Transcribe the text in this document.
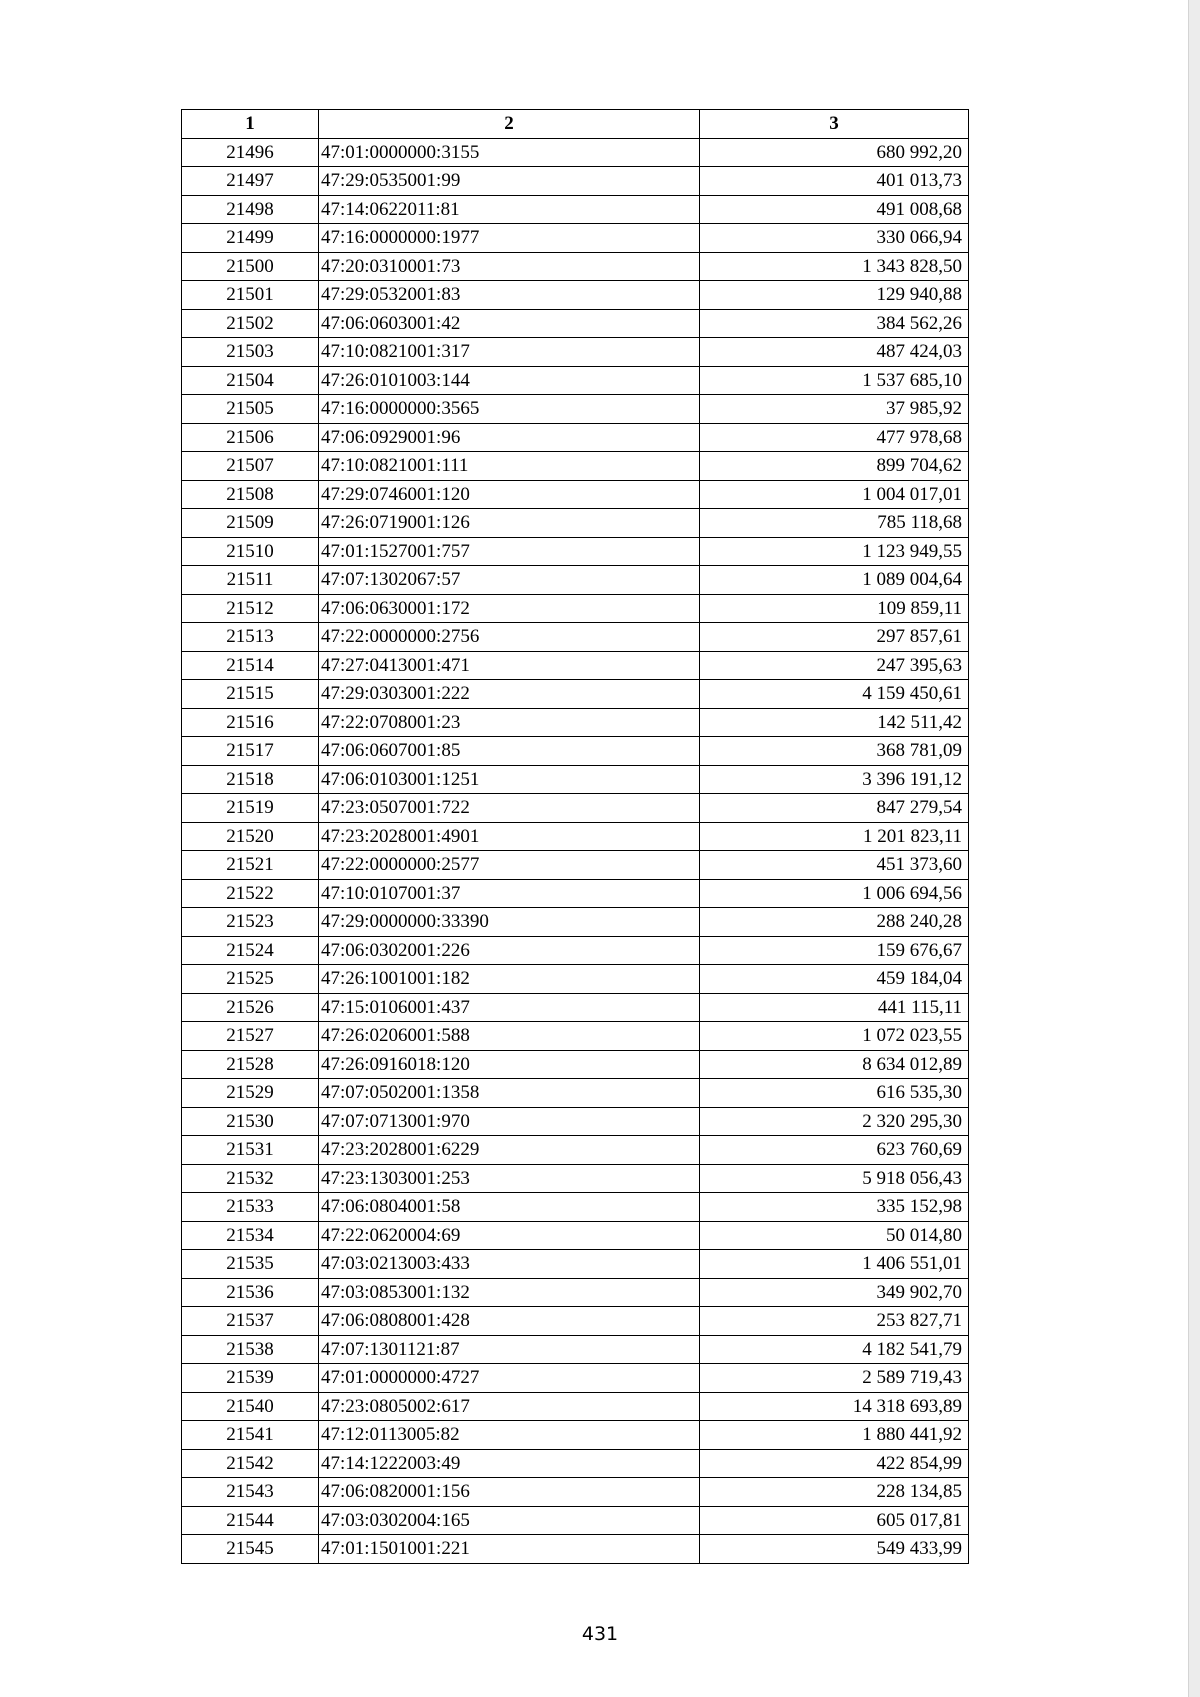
1	2	3
21496	47:01:0000000:3155	680 992,20
21497	47:29:0535001:99	401 013,73
21498	47:14:0622011:81	491 008,68
21499	47:16:0000000:1977	330 066,94
21500	47:20:0310001:73	1 343 828,50
21501	47:29:0532001:83	129 940,88
21502	47:06:0603001:42	384 562,26
21503	47:10:0821001:317	487 424,03
21504	47:26:0101003:144	1 537 685,10
21505	47:16:0000000:3565	37 985,92
21506	47:06:0929001:96	477 978,68
21507	47:10:0821001:111	899 704,62
21508	47:29:0746001:120	1 004 017,01
21509	47:26:0719001:126	785 118,68
21510	47:01:1527001:757	1 123 949,55
21511	47:07:1302067:57	1 089 004,64
21512	47:06:0630001:172	109 859,11
21513	47:22:0000000:2756	297 857,61
21514	47:27:0413001:471	247 395,63
21515	47:29:0303001:222	4 159 450,61
21516	47:22:0708001:23	142 511,42
21517	47:06:0607001:85	368 781,09
21518	47:06:0103001:1251	3 396 191,12
21519	47:23:0507001:722	847 279,54
21520	47:23:2028001:4901	1 201 823,11
21521	47:22:0000000:2577	451 373,60
21522	47:10:0107001:37	1 006 694,56
21523	47:29:0000000:33390	288 240,28
21524	47:06:0302001:226	159 676,67
21525	47:26:1001001:182	459 184,04
21526	47:15:0106001:437	441 115,11
21527	47:26:0206001:588	1 072 023,55
21528	47:26:0916018:120	8 634 012,89
21529	47:07:0502001:1358	616 535,30
21530	47:07:0713001:970	2 320 295,30
21531	47:23:2028001:6229	623 760,69
21532	47:23:1303001:253	5 918 056,43
21533	47:06:0804001:58	335 152,98
21534	47:22:0620004:69	50 014,80
21535	47:03:0213003:433	1 406 551,01
21536	47:03:0853001:132	349 902,70
21537	47:06:0808001:428	253 827,71
21538	47:07:1301121:87	4 182 541,79
21539	47:01:0000000:4727	2 589 719,43
21540	47:23:0805002:617	14 318 693,89
21541	47:12:0113005:82	1 880 441,92
21542	47:14:1222003:49	422 854,99
21543	47:06:0820001:156	228 134,85
21544	47:03:0302004:165	605 017,81
21545	47:01:1501001:221	549 433,99
431
